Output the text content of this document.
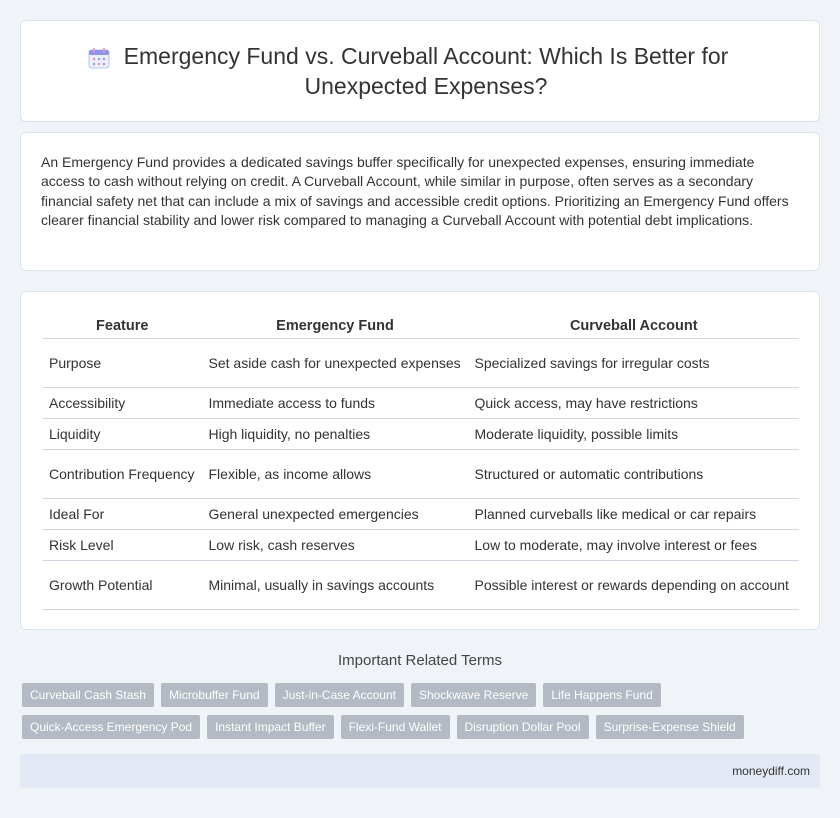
Emergency Fund vs. Curveball Account: Which Is Better for Unexpected Expenses?

An Emergency Fund provides a dedicated savings buffer specifically for unexpected expenses, ensuring immediate access to cash without relying on credit. A Curveball Account, while similar in purpose, often serves as a secondary financial safety net that can include a mix of savings and accessible credit options. Prioritizing an Emergency Fund offers clearer financial stability and lower risk compared to managing a Curveball Account with potential debt implications.

Feature	Emergency Fund	Curveball Account
Purpose	Set aside cash for unexpected expenses	Specialized savings for irregular costs
Accessibility	Immediate access to funds	Quick access, may have restrictions
Liquidity	High liquidity, no penalties	Moderate liquidity, possible limits
Contribution Frequency	Flexible, as income allows	Structured or automatic contributions
Ideal For	General unexpected emergencies	Planned curveballs like medical or car repairs
Risk Level	Low risk, cash reserves	Low to moderate, may involve interest or fees
Growth Potential	Minimal, usually in savings accounts	Possible interest or rewards depending on account
Important Related Terms
Curveball Cash Stash	Microbuffer Fund	Just-in-Case Account	Shockwave Reserve	Life Happens Fund
Quick-Access Emergency Pod	Instant Impact Buffer	Flexi-Fund Wallet	Disruption Dollar Pool	Surprise-Expense Shield
moneydiff.com
